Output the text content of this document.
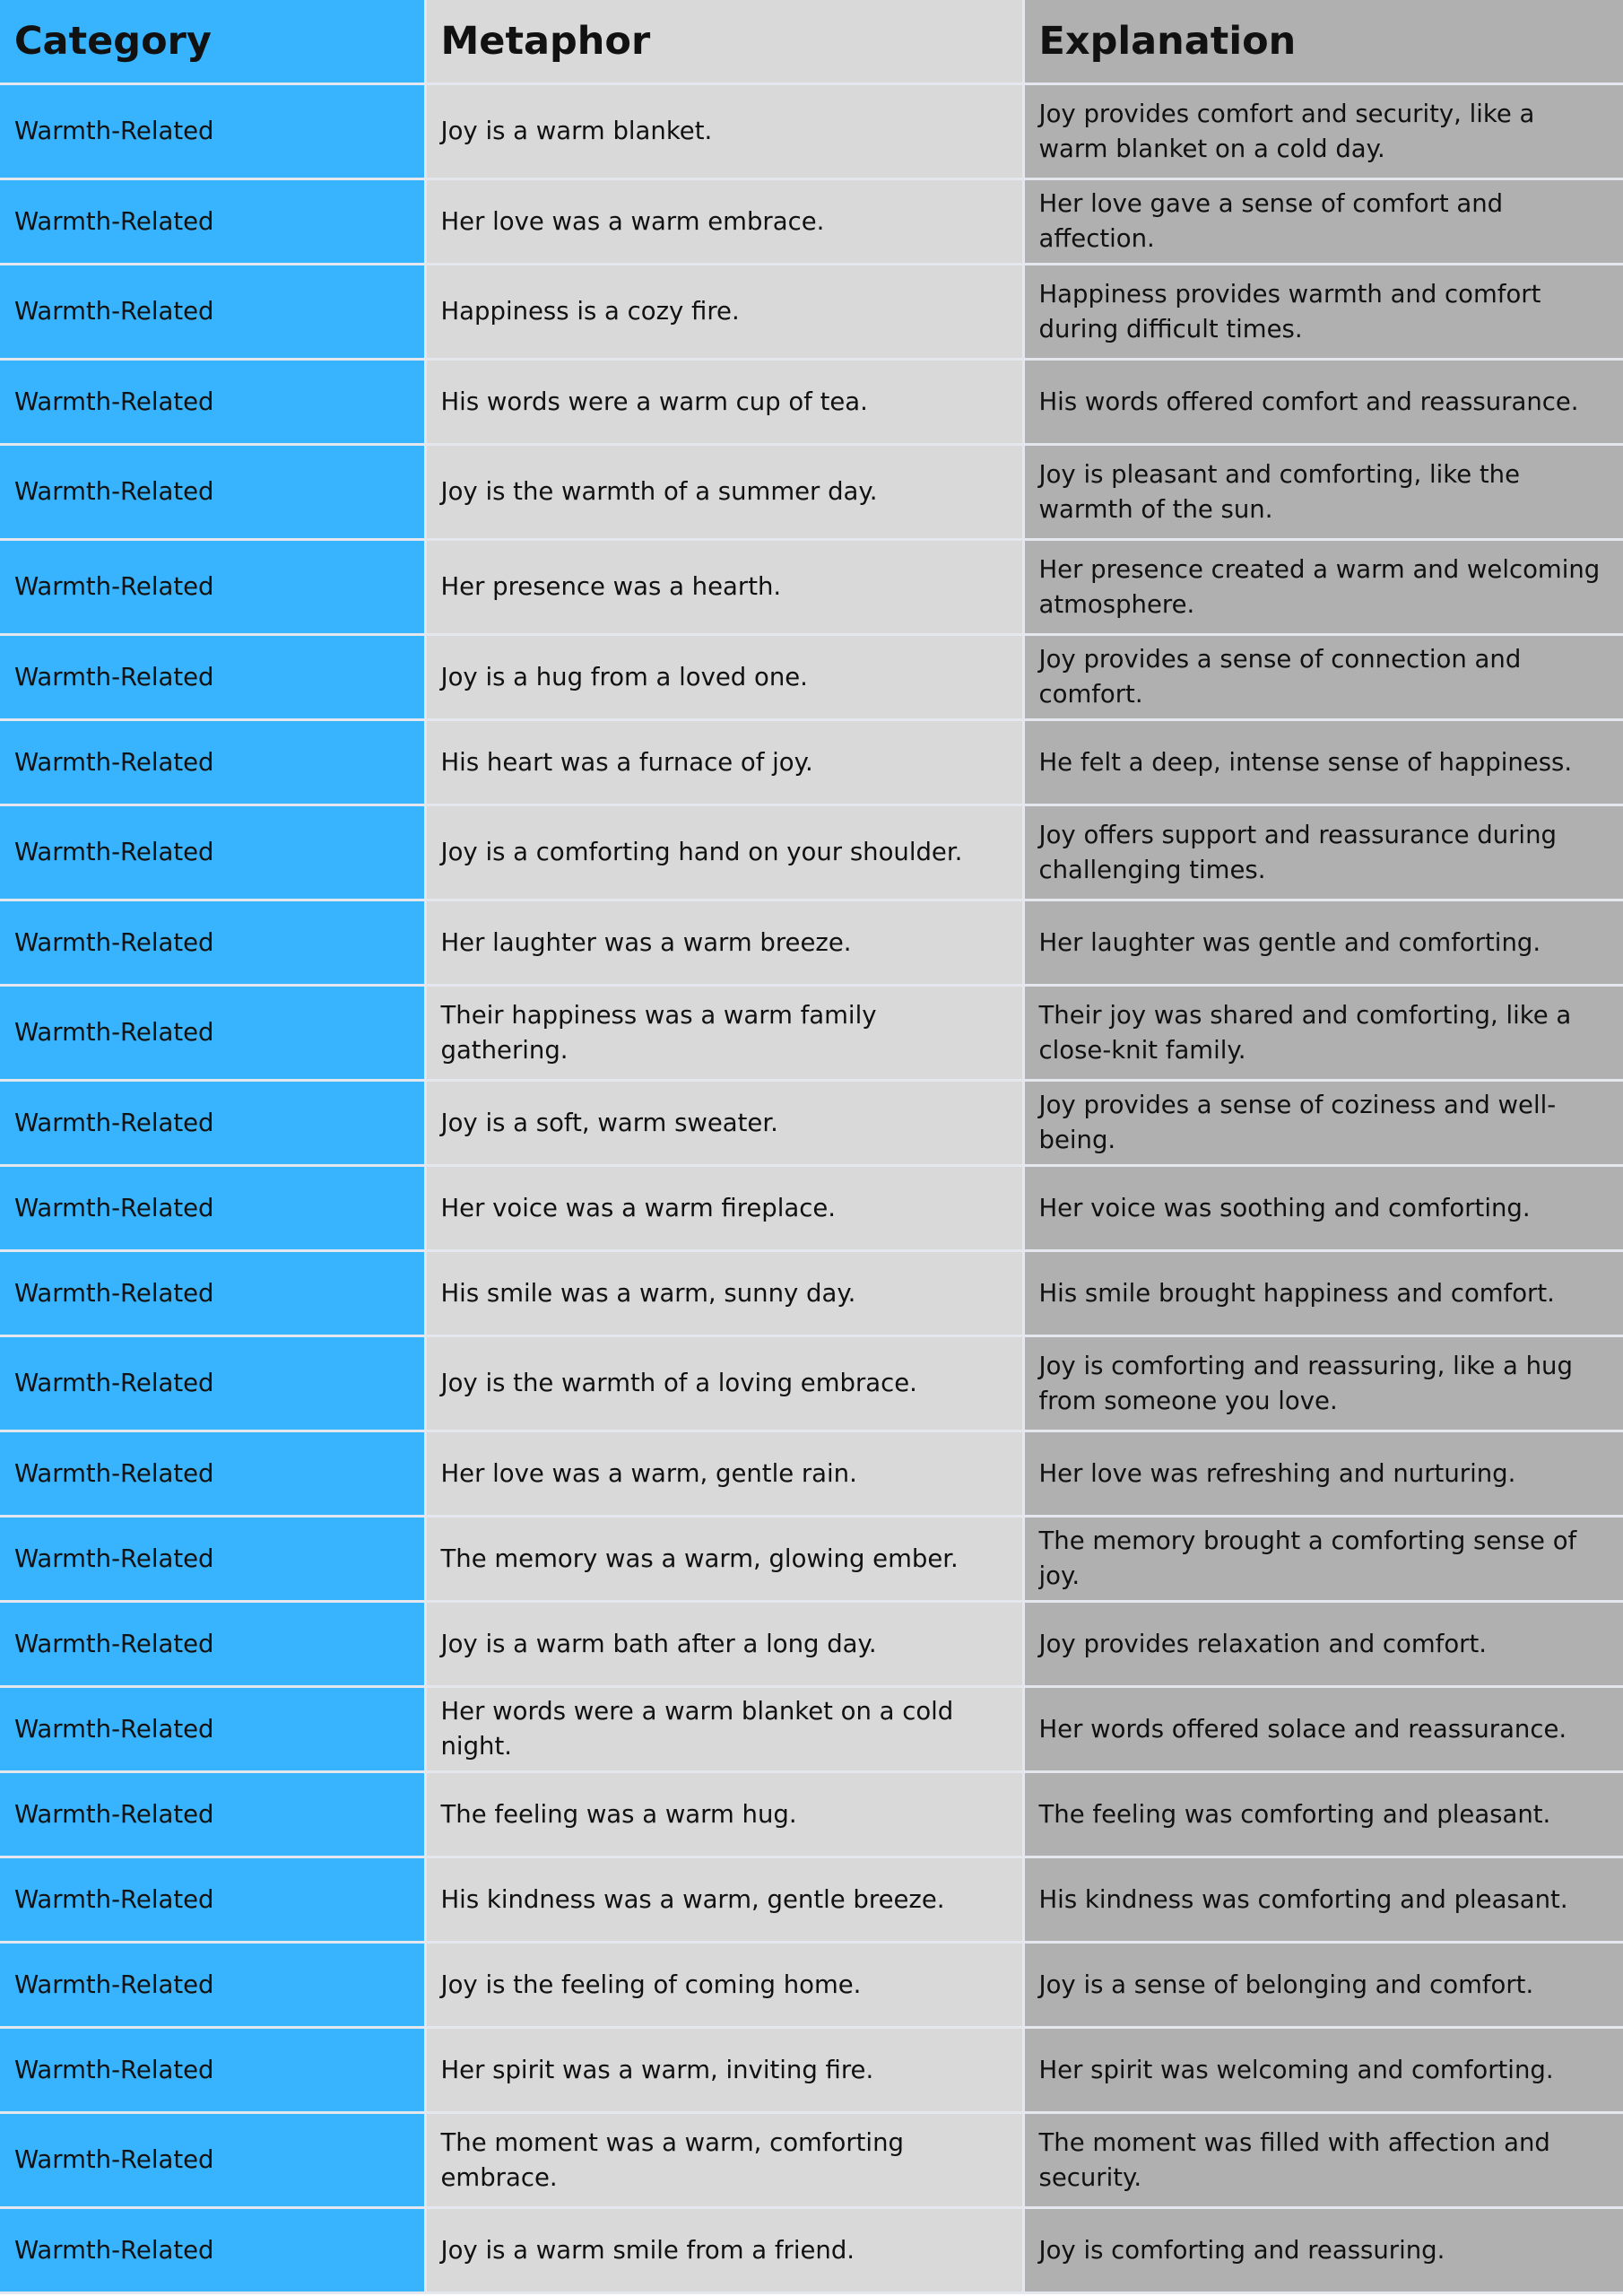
Category	Metaphor	Explanation
Warmth-Related	Joy is a warm blanket.	Joy provides comfort and security, like a warm blanket on a cold day.
Warmth-Related	Her love was a warm embrace.	Her love gave a sense of comfort and affection.
Warmth-Related	Happiness is a cozy fire.	Happiness provides warmth and comfort during difficult times.
Warmth-Related	His words were a warm cup of tea.	His words offered comfort and reassurance.
Warmth-Related	Joy is the warmth of a summer day.	Joy is pleasant and comforting, like the warmth of the sun.
Warmth-Related	Her presence was a hearth.	Her presence created a warm and welcoming atmosphere.
Warmth-Related	Joy is a hug from a loved one.	Joy provides a sense of connection and comfort.
Warmth-Related	His heart was a furnace of joy.	He felt a deep, intense sense of happiness.
Warmth-Related	Joy is a comforting hand on your shoulder.	Joy offers support and reassurance during challenging times.
Warmth-Related	Her laughter was a warm breeze.	Her laughter was gentle and comforting.
Warmth-Related	Their happiness was a warm family gathering.	Their joy was shared and comforting, like a close-knit family.
Warmth-Related	Joy is a soft, warm sweater.	Joy provides a sense of coziness and well-being.
Warmth-Related	Her voice was a warm fireplace.	Her voice was soothing and comforting.
Warmth-Related	His smile was a warm, sunny day.	His smile brought happiness and comfort.
Warmth-Related	Joy is the warmth of a loving embrace.	Joy is comforting and reassuring, like a hug from someone you love.
Warmth-Related	Her love was a warm, gentle rain.	Her love was refreshing and nurturing.
Warmth-Related	The memory was a warm, glowing ember.	The memory brought a comforting sense of joy.
Warmth-Related	Joy is a warm bath after a long day.	Joy provides relaxation and comfort.
Warmth-Related	Her words were a warm blanket on a cold night.	Her words offered solace and reassurance.
Warmth-Related	The feeling was a warm hug.	The feeling was comforting and pleasant.
Warmth-Related	His kindness was a warm, gentle breeze.	His kindness was comforting and pleasant.
Warmth-Related	Joy is the feeling of coming home.	Joy is a sense of belonging and comfort.
Warmth-Related	Her spirit was a warm, inviting fire.	Her spirit was welcoming and comforting.
Warmth-Related	The moment was a warm, comforting embrace.	The moment was filled with affection and security.
Warmth-Related	Joy is a warm smile from a friend.	Joy is comforting and reassuring.
